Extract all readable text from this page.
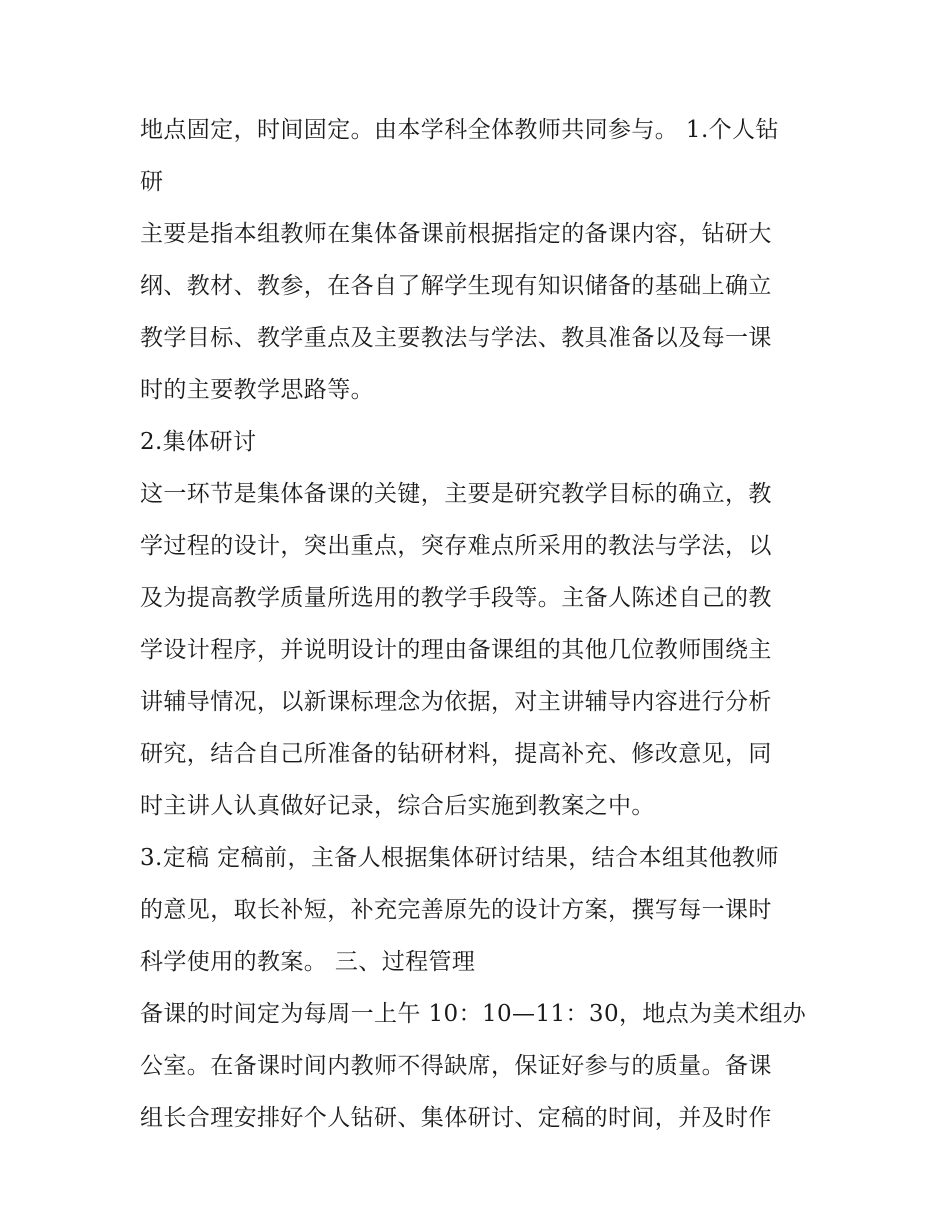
地点固定，时间固定。由本学科全体教师共同参与。 1.个人钻
研
主要是指本组教师在集体备课前根据指定的备课内容，钻研大
纲、教材、教参，在各自了解学生现有知识储备的基础上确立
教学目标、教学重点及主要教法与学法、教具准备以及每一课
时的主要教学思路等。
2.集体研讨
这一环节是集体备课的关键，主要是研究教学目标的确立，教
学过程的设计，突出重点，突存难点所采用的教法与学法，以
及为提高教学质量所选用的教学手段等。主备人陈述自己的教
学设计程序，并说明设计的理由备课组的其他几位教师围绕主
讲辅导情况，以新课标理念为依据，对主讲辅导内容进行分析
研究，结合自己所准备的钻研材料，提高补充、修改意见，同
时主讲人认真做好记录，综合后实施到教案之中。
3.定稿 定稿前，主备人根据集体研讨结果，结合本组其他教师
的意见，取长补短，补充完善原先的设计方案，撰写每一课时
科学使用的教案。 三、过程管理
备课的时间定为每周一上午 10：10—11：30，地点为美术组办
公室。在备课时间内教师不得缺席，保证好参与的质量。备课
组长合理安排好个人钻研、集体研讨、定稿的时间，并及时作
